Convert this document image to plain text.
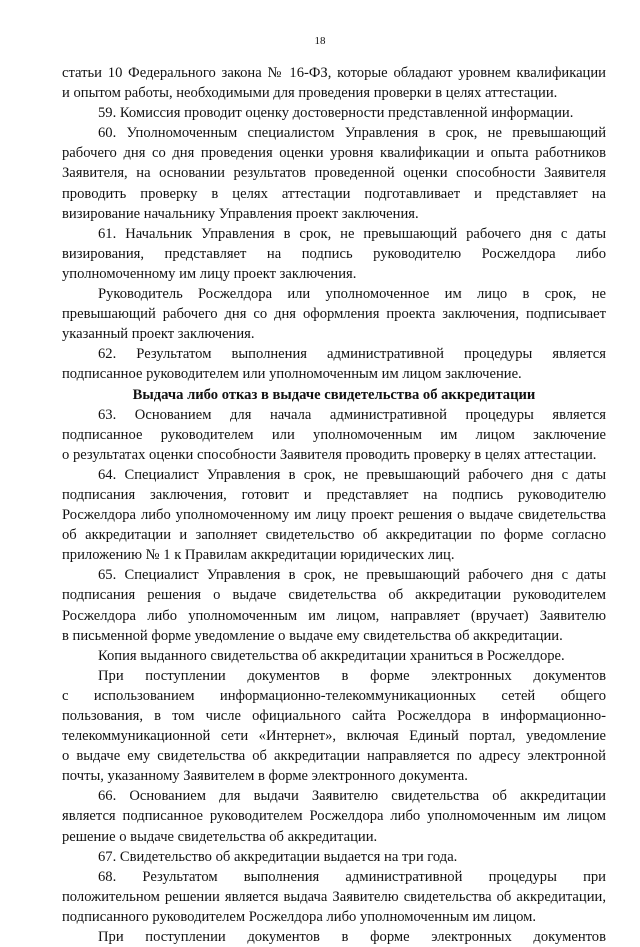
18

статьи 10 Федерального закона № 16-ФЗ, которые обладают уровнем квалификации

и опытом работы, необходимыми для проведения проверки в целях аттестации.

59. Комиссия проводит оценку достоверности представленной информации.

60. Уполномоченным специалистом Управления в срок, не превышающий

рабочего дня со дня проведения оценки уровня квалификации и опыта работников

Заявителя, на основании результатов проведенной оценки способности Заявителя

проводить проверку в целях аттестации подготавливает и представляет на

визирование начальнику Управления проект заключения.

61. Начальник Управления в срок, не превышающий рабочего дня с даты

визирования, представляет на подпись руководителю Росжелдора либо

уполномоченному им лицу проект заключения.

Руководитель Росжелдора или уполномоченное им лицо в срок, не

превышающий рабочего дня со дня оформления проекта заключения, подписывает

указанный проект заключения.

62. Результатом выполнения административной процедуры является

подписанное руководителем или уполномоченным им лицом заключение.

Выдача либо отказ в выдаче свидетельства об аккредитации

63. Основанием для начала административной процедуры является

подписанное руководителем или уполномоченным им лицом заключение

о результатах оценки способности Заявителя проводить проверку в целях аттестации.

64. Специалист Управления в срок, не превышающий рабочего дня с даты

подписания заключения, готовит и представляет на подпись руководителю

Росжелдора либо уполномоченному им лицу проект решения о выдаче свидетельства

об аккредитации и заполняет свидетельство об аккредитации по форме согласно

приложению № 1 к Правилам аккредитации юридических лиц.

65. Специалист Управления в срок, не превышающий рабочего дня с даты

подписания решения о выдаче свидетельства об аккредитации руководителем

Росжелдора либо уполномоченным им лицом, направляет (вручает) Заявителю

в письменной форме уведомление о выдаче ему свидетельства об аккредитации.

Копия выданного свидетельства об аккредитации храниться в Росжелдоре.

При поступлении документов в форме электронных документов

с использованием информационно-телекоммуникационных сетей общего

пользования, в том числе официального сайта Росжелдора в информационно-

телекоммуникационной сети «Интернет», включая Единый портал, уведомление

о выдаче ему свидетельства об аккредитации направляется по адресу электронной

почты, указанному Заявителем в форме электронного документа.

66. Основанием для выдачи Заявителю свидетельства об аккредитации

является подписанное руководителем Росжелдора либо уполномоченным им лицом

решение о выдаче свидетельства об аккредитации.

67. Свидетельство об аккредитации выдается на три года.

68. Результатом выполнения административной процедуры при

положительном решении является выдача Заявителю свидетельства об аккредитации,

подписанного руководителем Росжелдора либо уполномоченным им лицом.

При поступлении документов в форме электронных документов
